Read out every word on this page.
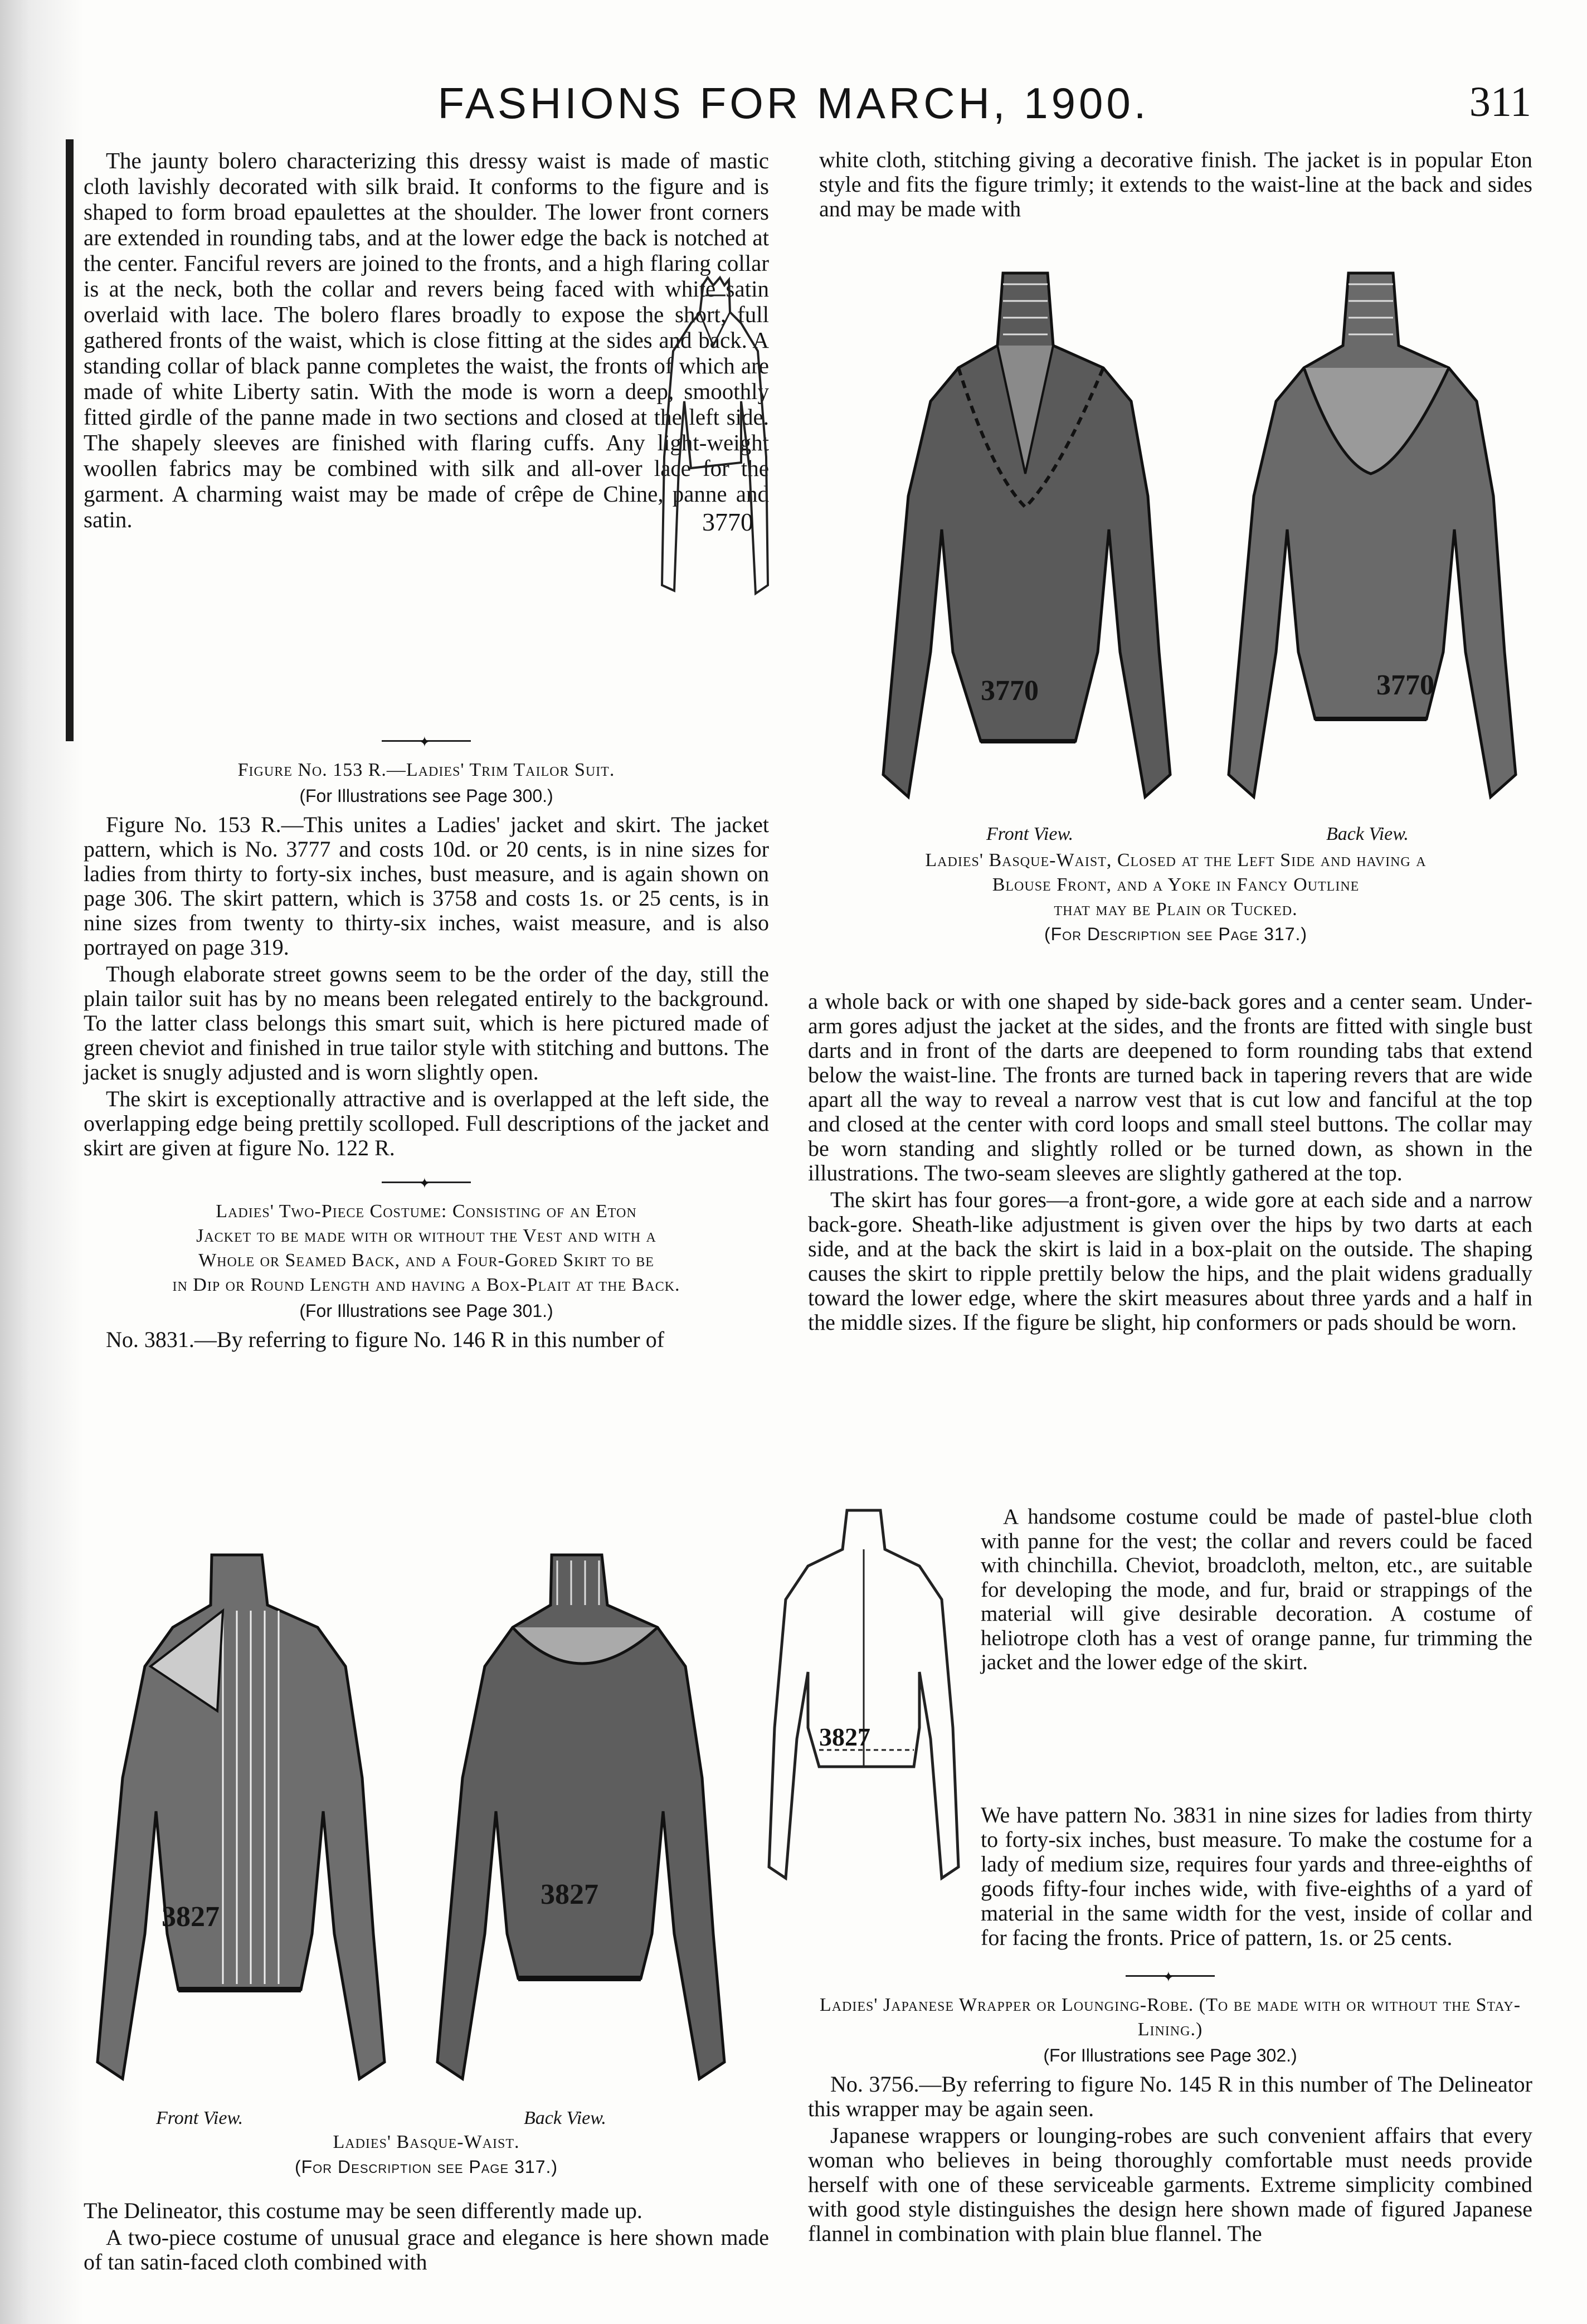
FASHIONS FOR MARCH, 1900.	311

The jaunty bolero characterizing this dressy waist is made of mastic cloth lavishly decorated with silk braid. It conforms to the figure and is shaped to form broad epaulettes at the shoulder. The lower front corners are extended in rounding tabs, and at the lower edge the back is notched at the center. Fanciful revers are joined to the fronts, and a high flaring collar is at the neck, both the collar and revers being faced with white satin overlaid with lace. The bolero flares broadly to expose the short, full gathered fronts of the waist, which is close fitting at the sides and back. A standing collar of black panne completes the waist, the fronts of which are made of white Liberty satin. With the mode is worn a deep, smoothly fitted girdle of the panne made in two sections and closed at the left side. The shapely sleeves are finished with flaring cuffs. Any light-weight woollen fabrics may be combined with silk and all-over lace for the garment. A charming waist may be made of crêpe de Chine, panne and satin.	3770
✦
Figure No. 153 R.—Ladies' Trim Tailor Suit.
(For Illustrations see Page 300.)

Figure No. 153 R.—This unites a Ladies' jacket and skirt. The jacket pattern, which is No. 3777 and costs 10d. or 20 cents, is in nine sizes for ladies from thirty to forty-six inches, bust measure, and is again shown on page 306. The skirt pattern, which is 3758 and costs 1s. or 25 cents, is in nine sizes from twenty to thirty-six inches, waist measure, and is also portrayed on page 319.

Though elaborate street gowns seem to be the order of the day, still the plain tailor suit has by no means been relegated entirely to the background. To the latter class belongs this smart suit, which is here pictured made of green cheviot and finished in true tailor style with stitching and buttons. The jacket is snugly adjusted and is worn slightly open.

The skirt is exceptionally attractive and is overlapped at the left side, the overlapping edge being prettily scolloped. Full descriptions of the jacket and skirt are given at figure No. 122 R.

✦
Ladies' Two-Piece Costume: Consisting of an Eton
Jacket to be made with or without the Vest and with a
Whole or Seamed Back, and a Four-Gored Skirt to be
in Dip or Round Length and having a Box-Plait at the Back.
(For Illustrations see Page 301.)

No. 3831.—By referring to figure No. 146 R in this number of

white cloth, stitching giving a decorative finish. The jacket is in popular Eton style and fits the figure trimly; it extends to the waist-line at the back and sides and may be made with

3770	3770
Front View.	Back View.
Ladies' Basque-Waist, Closed at the Left Side and having a
Blouse Front, and a Yoke in Fancy Outline
that may be Plain or Tucked.
(For Description see Page 317.)

a whole back or with one shaped by side-back gores and a center seam. Under-arm gores adjust the jacket at the sides, and the fronts are fitted with single bust darts and in front of the darts are deepened to form rounding tabs that extend below the waist-line. The fronts are turned back in tapering revers that are wide apart all the way to reveal a narrow vest that is cut low and fanciful at the top and closed at the center with cord loops and small steel buttons. The collar may be worn standing and slightly rolled or be turned down, as shown in the illustrations. The two-seam sleeves are slightly gathered at the top.

The skirt has four gores—a front-gore, a wide gore at each side and a narrow back-gore. Sheath-like adjustment is given over the hips by two darts at each side, and at the back the skirt is laid in a box-plait on the outside. The shaping causes the skirt to ripple prettily below the hips, and the plait widens gradually toward the lower edge, where the skirt measures about three yards and a half in the middle sizes. If the figure be slight, hip conformers or pads should be worn.

3827

A handsome costume could be made of pastel-blue cloth with panne for the vest; the collar and revers could be faced with chinchilla. Cheviot, broadcloth, melton, etc., are suitable for developing the mode, and fur, braid or strappings of the material will give desirable decoration. A costume of heliotrope cloth has a vest of orange panne, fur trimming the jacket and the lower edge of the skirt.

We have pattern No. 3831 in nine sizes for ladies from thirty to forty-six inches, bust measure. To make the costume for a lady of medium size, requires four yards and three-eighths of goods fifty-four inches wide, with five-eighths of a yard of material in the same width for the vest, inside of collar and for facing the fronts. Price of pattern, 1s. or 25 cents.

✦
Ladies' Japanese Wrapper or Lounging-Robe. (To be made with or without the Stay-Lining.)
(For Illustrations see Page 302.)

No. 3756.—By referring to figure No. 145 R in this number of The Delineator this wrapper may be again seen.

Japanese wrappers or lounging-robes are such convenient affairs that every woman who believes in being thoroughly comfortable must needs provide herself with one of these serviceable garments. Extreme simplicity combined with good style distinguishes the design here shown made of figured Japanese flannel in combination with plain blue flannel. The

3827
3827
Front View.	Back View.
Ladies' Basque-Waist.
(For Description see Page 317.)

The Delineator, this costume may be seen differently made up.

A two-piece costume of unusual grace and elegance is here shown made of tan satin-faced cloth combined with
